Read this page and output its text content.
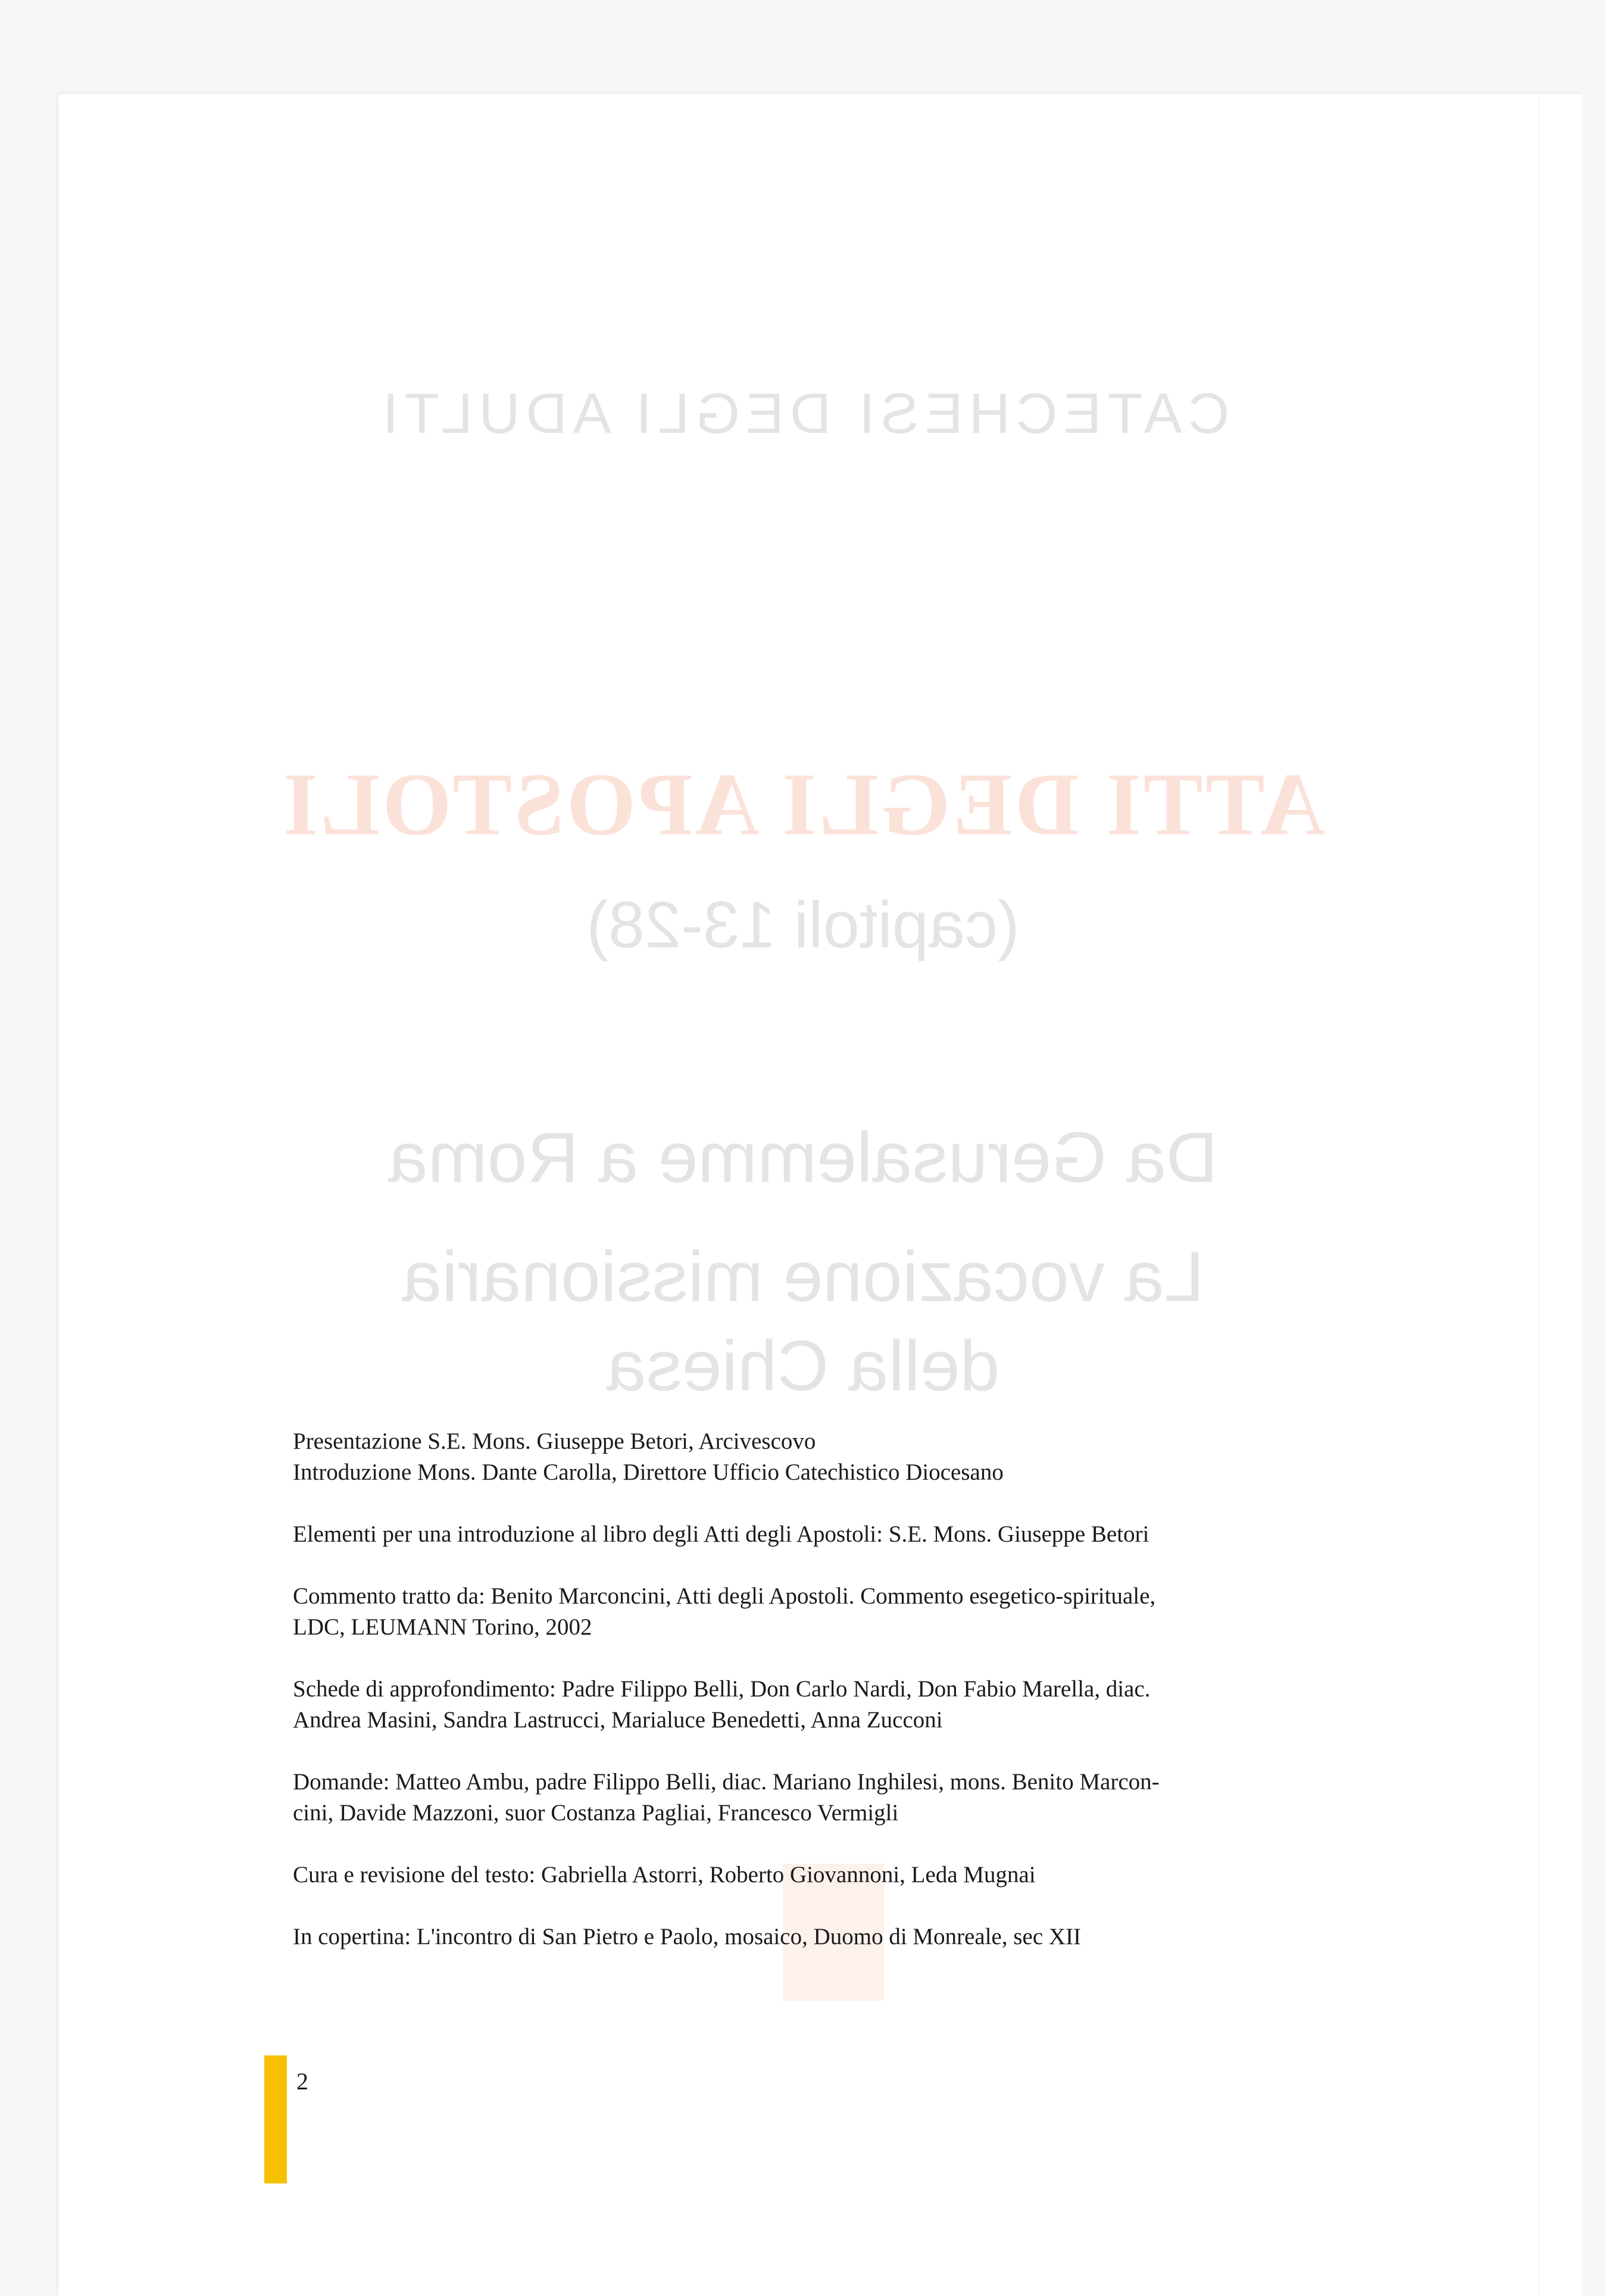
CATECHESI DEGLI ADULTI
ATTI DEGLI APOSTOLI
(capitoli 13-28)
Da Gerusalemme a Roma
La vocazione missionaria
della Chiesa

Presentazione S.E. Mons. Giuseppe Betori, Arcivescovo

Introduzione Mons. Dante Carolla, Direttore Ufficio Catechistico Diocesano

Elementi per una introduzione al libro degli Atti degli Apostoli: S.E. Mons. Giuseppe Betori

Commento tratto da: Benito Marconcini, Atti degli Apostoli. Commento esegetico-spirituale,

LDC, LEUMANN Torino, 2002

Schede di approfondimento: Padre Filippo Belli, Don Carlo Nardi, Don Fabio Marella, diac.

Andrea Masini, Sandra Lastrucci, Marialuce Benedetti, Anna Zucconi

Domande: Matteo Ambu, padre Filippo Belli, diac. Mariano Inghilesi, mons. Benito Marcon-

cini, Davide Mazzoni, suor Costanza Pagliai, Francesco Vermigli

Cura e revisione del testo: Gabriella Astorri, Roberto Giovannoni, Leda Mugnai

In copertina: L'incontro di San Pietro e Paolo, mosaico, Duomo di Monreale, sec XII

2
